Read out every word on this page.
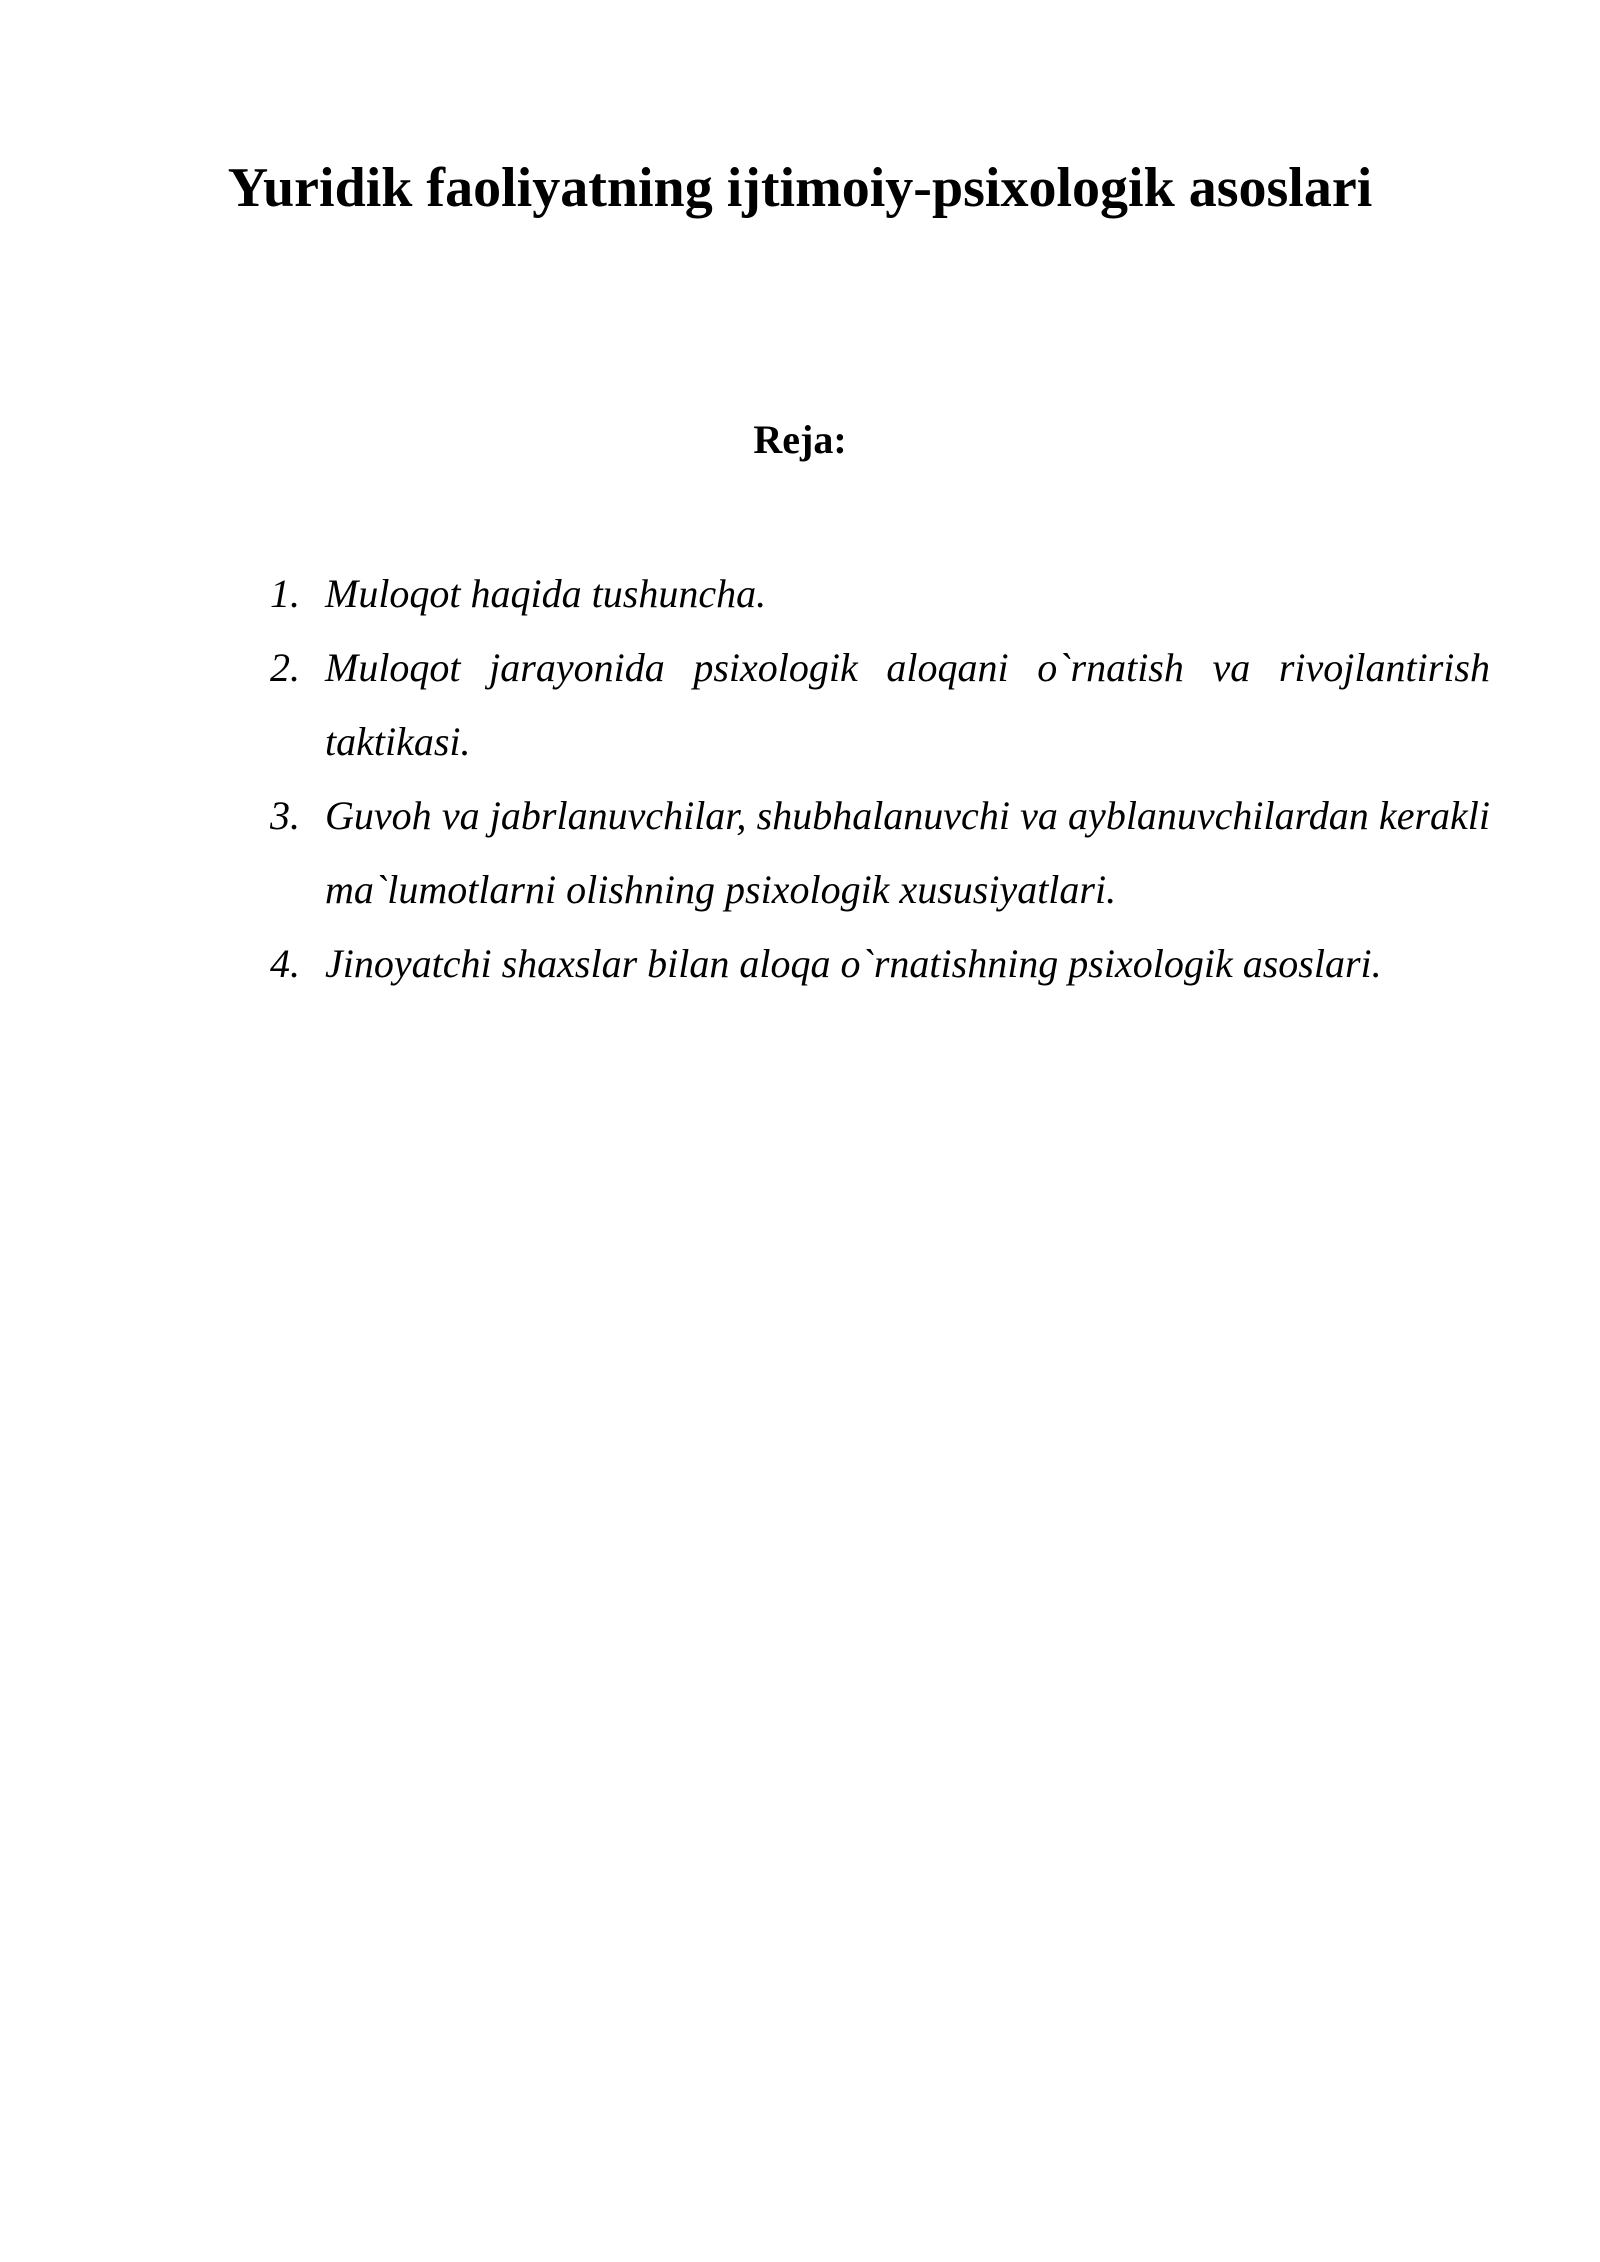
Yuridik faoliyatning ijtimoiy-psixologik asoslari
Reja:
1. Muloqot haqida tushuncha.
2. Muloqot jarayonida psixologik aloqani o`rnatish va rivojlantirish taktikasi.
3. Guvoh va jabrlanuvchilar, shubhalanuvchi va ayblanuvchilardan kerakli ma`lumotlarni olishning psixologik xususiyatlari.
4. Jinoyatchi shaxslar bilan aloqa o`rnatishning psixologik asoslari.
